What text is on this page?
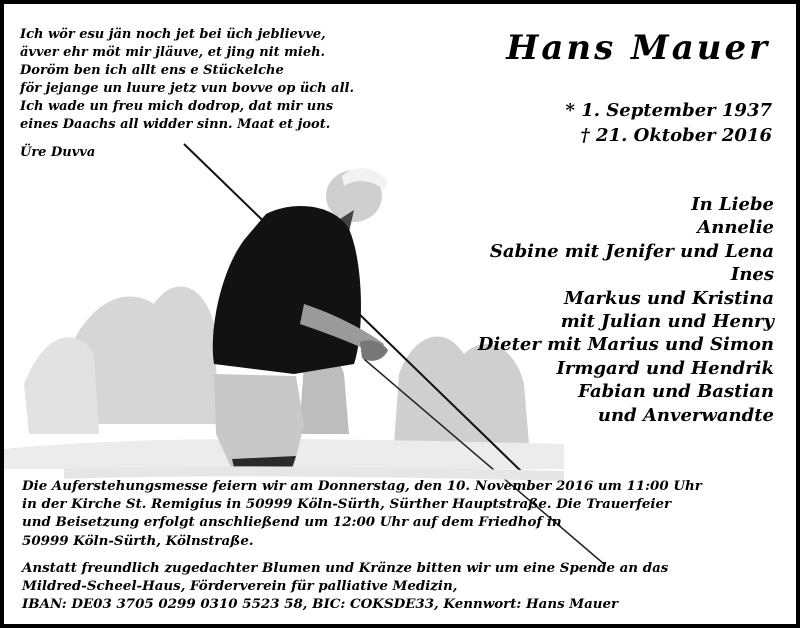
Ich wör esu jän noch jet bei üch jeblievve,
ävver ehr möt mir jläuve, et jing nit mieh.
Doröm ben ich allt ens e Stückelche
för jejange un luure jetz vun bovve op üch all.
Ich wade un freu mich dodrop, dat mir uns
eines Daachs all widder sinn. Maat et joot.
Üre Duvva
Hans Mauer
* 1. September 1937
† 21. Oktober 2016
In Liebe
Annelie
Sabine mit Jenifer und Lena
Ines
Markus und Kristina
mit Julian und Henry
Dieter mit Marius und Simon
Irmgard und Hendrik
Fabian und Bastian
und Anverwandte
Die Auferstehungsmesse feiern wir am Donnerstag, den 10. November 2016 um 11:00 Uhr
in der Kirche St. Remigius in 50999 Köln-Sürth, Sürther Hauptstraße. Die Trauerfeier
und Beisetzung erfolgt anschließend um 12:00 Uhr auf dem Friedhof in
50999 Köln-Sürth, Kölnstraße.
Anstatt freundlich zugedachter Blumen und Kränze bitten wir um eine Spende an das
Mildred-Scheel-Haus, Förderverein für palliative Medizin,
IBAN: DE03 3705 0299 0310 5523 58, BIC: COKSDE33, Kennwort: Hans Mauer
